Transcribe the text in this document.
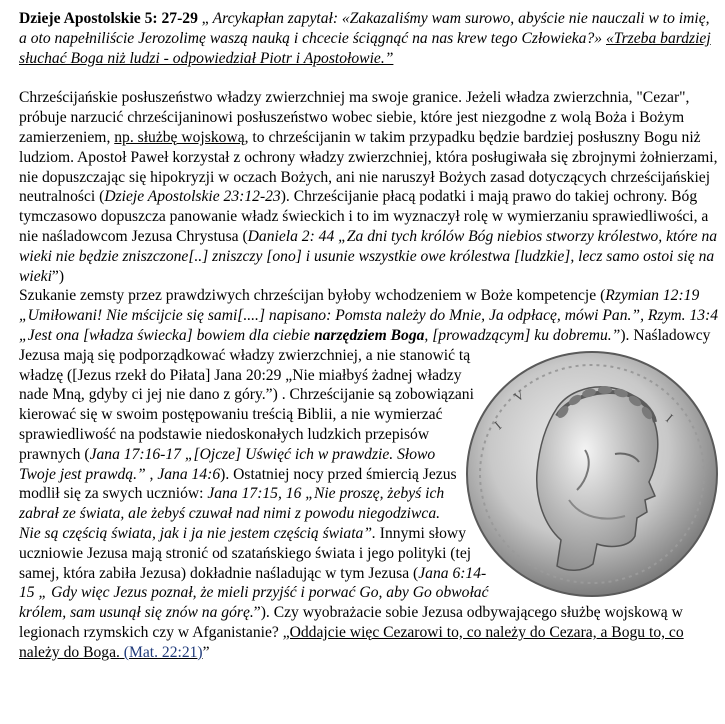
Dzieje Apostolskie 5: 27-29 „ Arcykapłan zapytał: «Zakazaliśmy wam surowo, abyście nie nauczali w to imię, a oto napełniliście Jerozolimę waszą nauką i chcecie ściągnąć na nas krew tego Człowieka?» «Trzeba bardziej słuchać Boga niż ludzi - odpowiedział Piotr i Apostołowie.”

Chrześcijańskie posłuszeństwo władzy zwierzchniej ma swoje granice. Jeżeli władza zwierzchnia, "Cezar", próbuje narzucić chrześcijaninowi posłuszeństwo wobec siebie, które jest niezgodne z wolą Boża i Bożym zamierzeniem, np. służbę wojskową, to chrześcijanin w takim przypadku będzie bardziej posłuszny Bogu niż ludziom. Apostoł Paweł korzystał z ochrony władzy zwierzchniej, która posługiwała się zbrojnymi żołnierzami, nie dopuszczając się hipokryzji w oczach Bożych, ani nie naruszył Bożych zasad dotyczących chrześcijańskiej neutralności (Dzieje Apostolskie 23:12-23). Chrześcijanie płacą podatki i mają prawo do takiej ochrony. Bóg tymczasowo dopuszcza panowanie władz świeckich i to im wyznaczył rolę w wymierzaniu sprawiedliwości, a nie naśladowcom Jezusa Chrystusa (Daniela 2: 44 „Za dni tych królów Bóg niebios stworzy królestwo, które na wieki nie będzie zniszczone[..] zniszczy [ono] i usunie wszystkie owe królestwa [ludzkie], lecz samo ostoi się na wieki”)

Szukanie zemsty przez prawdziwych chrześcijan byłoby wchodzeniem w Boże kompetencje (Rzymian 12:19 „Umiłowani! Nie mścijcie się sami[....] napisano: Pomsta należy do Mnie, Ja odpłacę, mówi Pan.”, Rzym. 13:4 „Jest ona [władza świecka] bowiem dla ciebie narzędziem Boga, [prowadzącym] ku dobremu.”
I
V
I
). Naśladowcy Jezusa mają się podporządkować władzy zwierzchniej, a nie stanowić tą władzę ([Jezus rzekł do Piłata] Jana 20:29 „Nie miałbyś żadnej władzy nade Mną, gdyby ci jej nie dano z góry.”) . Chrześcijanie są zobowiązani kierować się w swoim postępowaniu treścią Biblii, a nie wymierzać sprawiedliwość na podstawie niedoskonałych ludzkich przepisów prawnych (Jana 17:16-17 „[Ojcze] Uświęć ich w prawdzie. Słowo Twoje jest prawdą.” , Jana 14:6). Ostatniej nocy przed śmiercią Jezus modlił się za swych uczniów: Jana 17:15, 16 „Nie proszę, żebyś ich zabrał ze świata, ale żebyś czuwał nad nimi z powodu niegodziwca. Nie są częścią świata, jak i ja nie jestem częścią świata”. Innymi słowy uczniowie Jezusa mają stronić od szatańskiego świata i jego polityki (tej samej, która zabiła Jezusa) dokładnie naśladując w tym Jezusa (Jana 6:14-15 „ Gdy więc Jezus poznał, że mieli przyjść i porwać Go, aby Go obwołać królem, sam usunął się znów na górę.”). Czy wyobrażacie sobie Jezusa odbywającego służbę wojskową w legionach rzymskich czy w Afganistanie? „Oddajcie więc Cezarowi to, co należy do Cezara, a Bogu to, co należy do Boga. (Mat. 22:21)”
